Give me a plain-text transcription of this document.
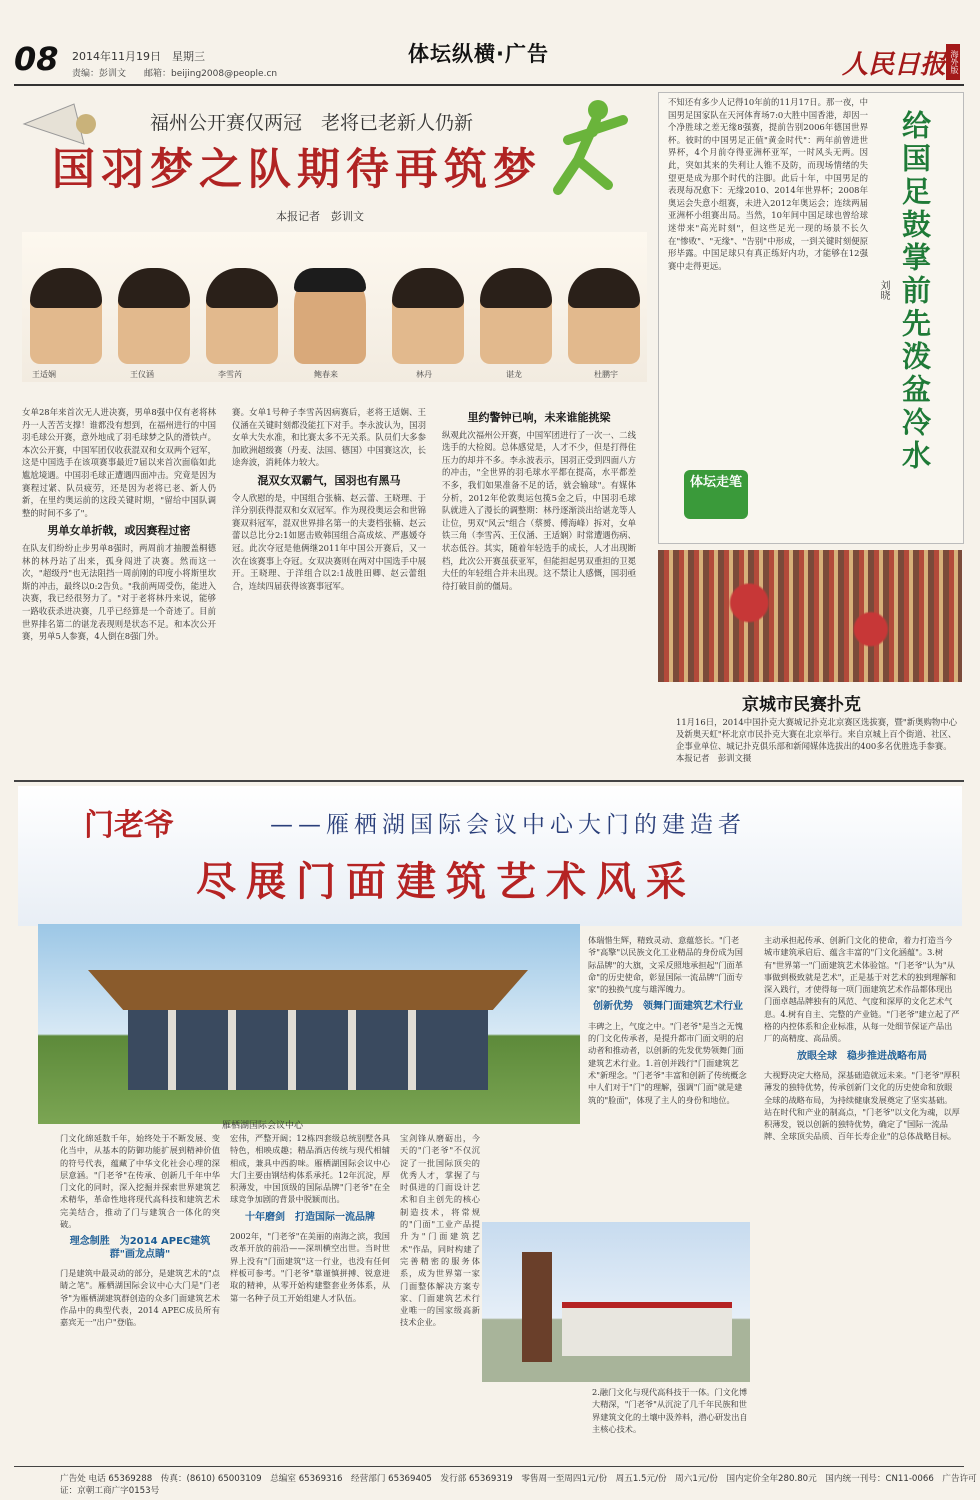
08 2014年11月19日　星期三
责编：彭训文　　邮箱：beijing2008@people.cn
体坛纵横·广告	人民日报 海外版
福州公开赛仅两冠　老将已老新人仍新
国羽梦之队期待再筑梦
本报记者　彭训文
王适娴	王仪涵	李雪芮	鲍春来	林丹	谌龙	杜鹏宇
女单28年来首次无人进决赛，男单8强中仅有老将林丹一人苦苦支撑！谁都没有想到，在福州进行的中国羽毛球公开赛，意外地成了羽毛球梦之队的滑铁卢。本次公开赛，中国军团仅收获混双和女双两个冠军，这是中国选手在该项赛事最近7届以来首次面临如此尴尬境遇。中国羽毛球正遭遇四面冲击。究竟是因为赛程过紧、队员疲劳，还是因为老将已老、新人仍新，在里约奥运前的这段关键时期，"留给中国队调整的时间不多了"。
男单女单折戟，或因赛程过密
在队友们纷纷止步男单8强时，两周前才抽腰盖桐德林的林丹站了出来，孤身闯进了决赛。然而这一次，"超级丹"也无法阻挡一周前刚的印度小将斯里坎斯的冲击，最终以0:2告负。"我前两周受伤，能进入决赛，我已经很努力了。"对于老将林丹来说，能够一路收获杀进决赛，几乎已经算是一个奇迹了。目前世界排名第二的谌龙表现则是状态不足。和本次公开赛，男单5人参赛，4人倒在8强门外。
赛。女单1号种子李雪芮因病赛后，老将王适娴、王仪涵在关键时刻都没能扛下对手。李永波认为，国羽女单大失水准，和比赛太多不无关系。队员们大多参加欧洲超级赛（丹麦、法国、德国）中国赛这次，长途奔波，消耗体力较大。
混双女双霸气，国羽也有黑马
令人欣慰的是，中国组合张楠、赵云蕾、王晓理、于洋分别获得混双和女双冠军。作为现役奥运会和世锦赛双料冠军，混双世界排名第一的夫妻档张楠、赵云蕾以总比分2:1如愿击败韩国组合高成炫、严惠媛夺冠。此次夺冠是他俩继2011年中国公开赛后，又一次在该赛事上夺冠。女双决赛则在两对中国选手中展开。王晓理、于洋组合以2:1战胜田卿、赵云蕾组合，连续四届获得该赛事冠军。
里约警钟已响，未来谁能挑梁
纵观此次福州公开赛，中国军团进行了一次一、二线选手的大检阅。总体感觉是，人才不少，但是打得住压力的却并不多。李永波表示，国羽正受到四面八方的冲击，"全世界的羽毛球水平都在提高，水平都差不多，我们如果准备不足的话，就会输球"。有媒体分析，2012年伦敦奥运包揽5金之后，中国羽毛球队就进入了漫长的调整期：林丹逐渐淡出给谌龙等人让位，男双"风云"组合（蔡赟、傅海峰）拆对，女单铁三角（李雪芮、王仪涵、王适娴）时常遭遇伤病、状态低谷。其实，随着年轻选手的成长，人才出现断档，此次公开赛虽获亚军，但能担起男双重担的卫冕大任的年轻组合并未出现。这不禁让人感慨，国羽亟待打破目前的僵局。
不知还有多少人记得10年前的11月17日。那一夜，中国男足国家队在天河体育场7:0大胜中国香港，却因一个净胜球之差无缘8强赛，提前告别2006年德国世界杯。彼时的中国男足正值"黄金时代"：两年前曾进世界杯，4个月前夺得亚洲杯亚军，一时风头无两。因此，突如其来的失利让人锥不及防，而现场情绪的失望更是成为那个时代的注脚。此后十年，中国男足的表现每况愈下：无缘2010、2014年世界杯；2008年奥运会失意小组赛，未进入2012年奥运会；连续两届亚洲杯小组赛出局。当然，10年间中国足球也曾给球迷带来"高光时刻"，但这些足光一现的场景不长久在"惨败"、"无缘"、"告别"中形成，一到关键时刻便原形毕露。中国足球只有真正练好内功，才能够在12强赛中走得更远。	给国足鼓掌前先泼盆冷水
刘晓
体坛走笔
京城市民赛扑克
11月16日，2014中国扑克大赛城记扑克北京赛区选拔赛，暨"新奥购物中心及新奥天虹"杯北京市民扑克大赛在北京举行。来自京城上百个街道、社区、企事业单位、城记扑克俱乐部和新闻媒体选拔出的400多名优胜选手参赛。 本报记者　彭训文摄
门老爷	——雁栖湖国际会议中心大门的建造者
尽展门面建筑艺术风采
雁栖湖国际会议中心
门文化绵延数千年，始终处于不断发展、变化当中，从基本的防御功能扩展到精神价值的符号代表，蕴藏了中华文化社会心理的深层意涵。"门老爷"在传承、创新几千年中华门文化的同时，深入挖掘并探索世界建筑艺术精华，革命性地将现代高科技和建筑艺术完美结合，推动了门与建筑合一体化的突破。
理念制胜　为2014 APEC建筑群"画龙点睛"
门是建筑中最灵动的部分，是建筑艺术的"点睛之笔"。雁栖湖国际会议中心大门是"门老爷"为雁栖湖建筑群创造的众多门面建筑艺术作品中的典型代表，2014 APEC成员所有嘉宾无一"出户"登临。
宏伟，严整开阔；12栋四套级总统别墅各具特色，相映成趣；精品酒店传统与现代相辅相成，兼具中西韵味。雁栖湖国际会议中心大门主要由钢结构体系承托。12年沉淀，厚积薄发，中国顶级的国际品牌"门老爷"在全球竞争加剧的背景中脱颖而出。
十年磨剑　打造国际一流品牌
2002年，"门老爷"在美丽的南海之滨，我国改革开放的前沿——深圳横空出世。当时世界上没有"门面建筑"这一行业，也没有任何样板可参考。"门老爷"靠谨慎拼搏、锐意进取的精神，从零开始构建整套业务体系，从第一名种子员工开始组建人才队伍。
宝剑锋从磨砺出，今天的"门老爷"不仅沉淀了一批国际顶尖的优秀人才，掌握了与时俱进的门面设计艺术和自主创先的核心制造技术，将常规的"门面"工业产品提升为"门面建筑艺术"作品，同时构建了完善精密的服务体系，成为世界第一家门面整体解决方案专家、门面建筑艺术行业唯一的国家级高新技术企业。
体瑞惜生辉，精致灵动、意蕴悠长。"门老爷"高擎"以民族文化工业精品的身份成为国际品牌"的大旗，文采反照地承担起"门面革命"的历史使命，彰显国际一流品牌"门面专家"的独换气度与雄浑魄力。
创新优势　领舞门面建筑艺术行业
丰碑之上，气度之中。"门老爷"是当之无愧的门文化传承者，是提升都市门面文明的启动者和推动者，以创新的先发优势领舞门面建筑艺术行业。1.首创并践行"门面建筑艺术"新理念。"门老爷"丰富和创新了传统概念中人们对于"门"的理解，强调"门面"就是建筑的"脸面"，体现了主人的身份和地位。
2.融门文化与现代高科技于一体。门文化博大精深，"门老爷"从沉淀了几千年民族和世界建筑文化的土壤中汲养料，潜心研发出自主核心技术。
主动承担起传承、创新门文化的使命，着力打造当今城市建筑承启后、蕴含丰富的"门文化涵蕴"。3.树有"世界第一"门面建筑艺术体验馆。"门老爷"认为"从事做到极致就是艺术"，正是基于对艺术的独到理解和深入践行，才使得每一项门面建筑艺术作品都体现出门面卓越品牌独有的风范、气度和深厚的文化艺术气息。4.树有自主、完整的产业链。"门老爷"建立起了严格的内控体系和企业标准，从每一处细节保证产品出厂的高精度、高品质。
放眼全球　稳步推进战略布局
大视野决定大格局，深基础造就远未来。"门老爷"厚积薄发的独特优势，传承创新门文化的历史使命和放眼全球的战略布局，为持续健康发展奠定了坚实基础。站在时代和产业的制高点，"门老爷"以文化为魂，以厚积薄发，锐以创新的独特优势，确定了"国际一流品牌、全球顶尖品质、百年长寿企业"的总体战略目标。
广告处 电话 65369288　传真：(8610) 65003109　总编室 65369316　经营部门 65369405　发行部 65369319　零售周一至周四1元/份　周五1.5元/份　周六1元/份　国内定价全年280.80元　国内统一刊号：CN11-0066　广告许可证：京朝工商广字0153号
